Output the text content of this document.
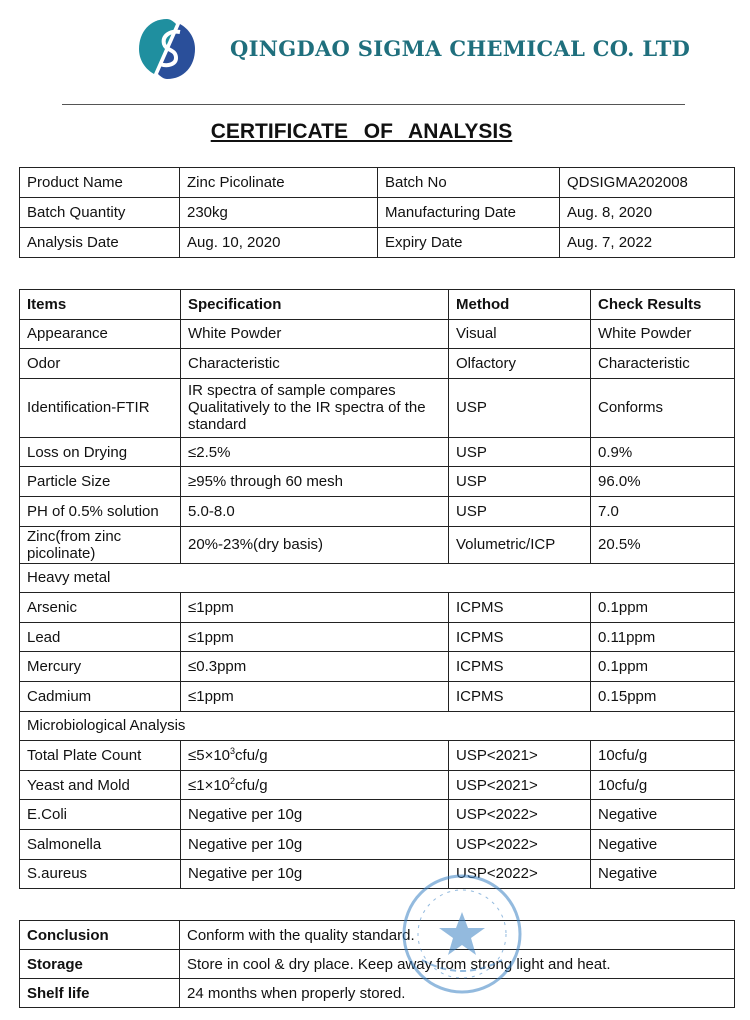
QINGDAO SIGMA CHEMICAL CO. LTD
CERTIFICATE OF ANALYSIS
Product Name	Zinc Picolinate	Batch No	QDSIGMA202008
Batch Quantity	230kg	Manufacturing Date	Aug. 8, 2020
Analysis Date	Aug. 10, 2020	Expiry Date	Aug. 7, 2022
Items	Specification	Method	Check Results
Appearance	White Powder	Visual	White Powder
Odor	Characteristic	Olfactory	Characteristic
Identification-FTIR	IR spectra of sample compares Qualitatively to the IR spectra of the standard	USP	Conforms
Loss on Drying	≤2.5%	USP	0.9%
Particle Size	≥95% through 60 mesh	USP	96.0%
PH of 0.5% solution	5.0-8.0	USP	7.0
Zinc(from zinc picolinate)	20%-23%(dry basis)	Volumetric/ICP	20.5%
Heavy metal			
Arsenic	≤1ppm	ICPMS	0.1ppm
Lead	≤1ppm	ICPMS	0.11ppm
Mercury	≤0.3ppm	ICPMS	0.1ppm
Cadmium	≤1ppm	ICPMS	0.15ppm
Microbiological Analysis			
Total Plate Count	$\le 5\times 10^3cfu/g$	USP<2021>	10cfu/g
Yeast and Mold	$\le 1\times 10^2cfu/g$	USP<2021>	10cfu/g
E.Coli	Negative per 10g	USP<2022>	Negative
Salmonella	Negative per 10g	USP<2022>	Negative
S.aureus	Negative per 10g	USP<2022>	Negative
Conclusion	Conform with the quality standard.
Storage	Store in cool & dry place. Keep away from strong light and heat.
Shelf life	24 months when properly stored.
